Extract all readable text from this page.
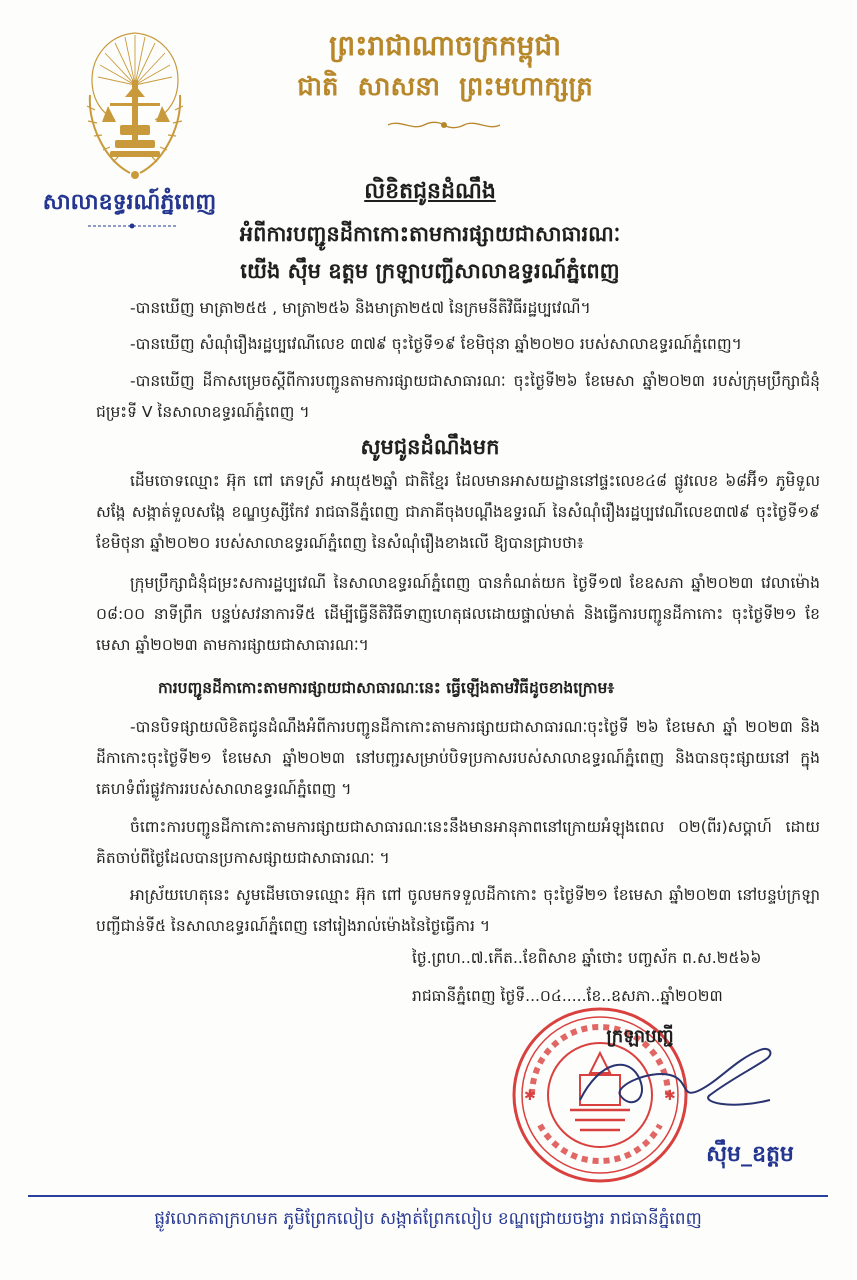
សាលាឧទ្ធរណ៍ភ្នំពេញ
ព្រះរាជាណាចក្រកម្ពុជា
ជាតិ សាសនា ព្រះមហាក្សត្រ
លិខិតជូនដំណឹង
អំពីការបញ្ជូនដីកាកោះតាមការផ្សាយជាសាធារណៈ
យើង ស៊ឹម ឧត្តម ក្រឡាបញ្ជីសាលាឧទ្ធរណ៍ភ្នំពេញ
-បានឃើញ មាត្រា២៥៥ , មាត្រា២៥៦ និងមាត្រា២៥៧ នៃក្រមនីតិវិធីរដ្ឋប្បវេណី។
-បានឃើញ សំណុំរឿងរដ្ឋប្បវេណីលេខ ៣៧៩ ចុះថ្ងៃទី១៩ ខែមិថុនា ឆ្នាំ២០២០ របស់សាលាឧទ្ធរណ៍ភ្នំពេញ។
-បានឃើញ ដីកាសម្រេចស្តីពីការបញ្ជូនតាមការផ្សាយជាសាធារណៈ ចុះថ្ងៃទី២៦ ខែមេសា ឆ្នាំ២០២៣ របស់ក្រុមប្រឹក្សាជំនុំជម្រះទី V នៃសាលាឧទ្ធរណ៍ភ្នំពេញ ។
សូមជូនដំណឹងមក
ដើមចោទឈ្មោះ អ៊ុក ពៅ ភេទស្រី អាយុ៥២ឆ្នាំ ជាតិខ្មែរ ដែលមានអាសយដ្ឋាននៅផ្ទះលេខ៤៨ ផ្លូវលេខ ៦៨អ៊ី១ ភូមិទួលសង្កែ សង្កាត់ទួលសង្កែ ខណ្ឌឫស្សីកែវ រាជធានីភ្នំពេញ ជាភាគីចុងបណ្តឹងឧទ្ធរណ៍ នៃសំណុំរឿងរដ្ឋប្បវេណីលេខ៣៧៩ ចុះថ្ងៃទី១៩ ខែមិថុនា ឆ្នាំ២០២០ របស់សាលាឧទ្ធរណ៍ភ្នំពេញ នៃសំណុំរឿងខាងលើ ឱ្យបានជ្រាបថា៖
ក្រុមប្រឹក្សាជំនុំជម្រះសការដ្ឋប្បវេណី នៃសាលាឧទ្ធរណ៍ភ្នំពេញ បានកំណត់យក ថ្ងៃទី១៧ ខែឧសភា ឆ្នាំ២០២៣ វេលាម៉ោង ០៨:០០ នាទីព្រឹក បន្ទប់សវនាការទី៥ ដើម្បីធ្វើនីតិវិធីទាញហេតុផលដោយផ្ទាល់មាត់ និងធ្វើការបញ្ជូនដីកាកោះ ចុះថ្ងៃទី២១ ខែមេសា ឆ្នាំ២០២៣ តាមការផ្សាយជាសាធារណៈ។
ការបញ្ជូនដីកាកោះតាមការផ្សាយជាសាធារណៈនេះ ធ្វើឡើងតាមវិធីដូចខាងក្រោម៖
-បានបិទផ្សាយលិខិតជូនដំណឹងអំពីការបញ្ជូនដីកាកោះតាមការផ្សាយជាសាធារណៈចុះថ្ងៃទី ២៦ ខែមេសា ឆ្នាំ ២០២៣ និងដីកាកោះចុះថ្ងៃទី២១ ខែមេសា ឆ្នាំ២០២៣ នៅបញ្ជរសម្រាប់បិទប្រកាសរបស់សាលាឧទ្ធរណ៍ភ្នំពេញ និងបានចុះផ្សាយនៅ ក្នុងគេហទំព័រផ្លូវការរបស់សាលាឧទ្ធរណ៍ភ្នំពេញ ។
ចំពោះការបញ្ជូនដីកាកោះតាមការផ្សាយជាសាធារណៈនេះនឹងមានអានុភាពនៅក្រោយអំឡុងពេល ០២(ពីរ)សប្តាហ៍ ដោយគិតចាប់ពីថ្ងៃដែលបានប្រកាសផ្សាយជាសាធារណៈ ។
អាស្រ័យហេតុនេះ សូមដើមចោទឈ្មោះ អ៊ុក ពៅ ចូលមកទទួលដីកាកោះ ចុះថ្ងៃទី២១ ខែមេសា ឆ្នាំ២០២៣ នៅបន្ទប់ក្រឡាបញ្ជីជាន់ទី៥ នៃសាលាឧទ្ធរណ៍ភ្នំពេញ នៅរៀងរាល់ម៉ោងនៃថ្ងៃធ្វើការ ។
ថ្ងៃ.ព្រហ..៧.កើត..ខែពិសាខ ឆ្នាំថោះ បញ្ចស័ក ព.ស.២៥៦៦
រាជធានីភ្នំពេញ ថ្ងៃទី...០៤.....ខែ..ឧសភា..ឆ្នាំ២០២៣
✱	✱
ក្រឡាបញ្ជី
ស៊ឹម_ឧត្តម
ផ្លូវលោកតាក្រហមក ភូមិព្រែកលៀប សង្កាត់ព្រែកលៀប ខណ្ឌជ្រោយចង្វារ រាជធានីភ្នំពេញ
